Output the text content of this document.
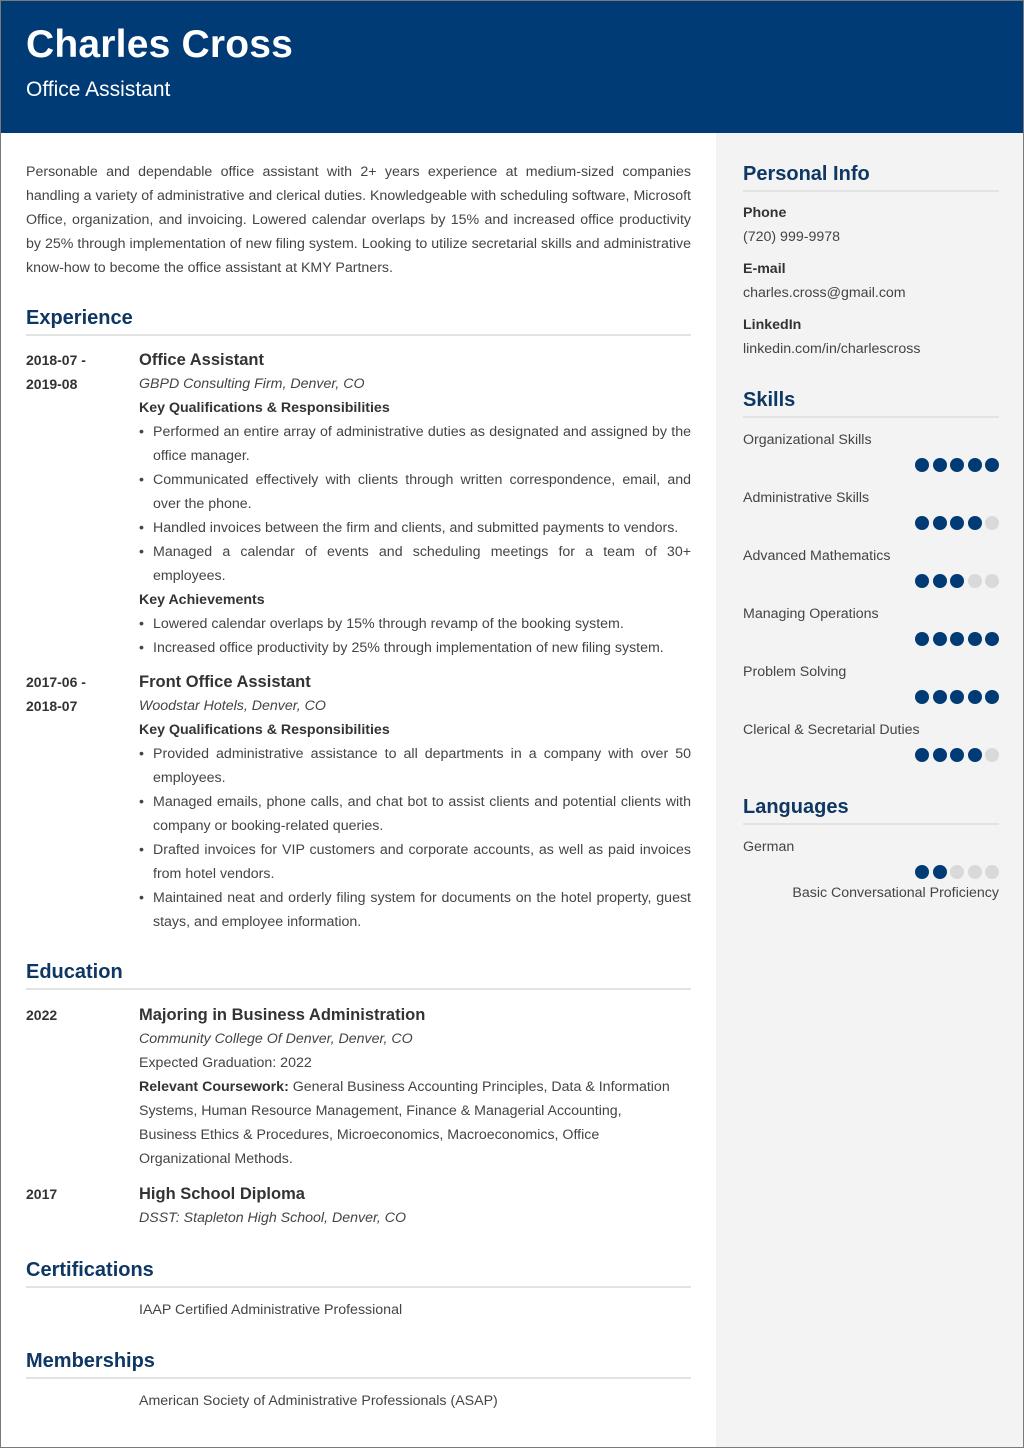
Charles Cross
Office Assistant

Personable and dependable office assistant with 2+ years experience at medium-sized companies handling a variety of administrative and clerical duties. Knowledgeable with scheduling software, Microsoft Office, organization, and invoicing. Lowered calendar overlaps by 15% and increased office productivity by 25% through implementation of new filing system. Looking to utilize secretarial skills and administrative know-how to become the office assistant at KMY Partners.

Experience
2018-07 -
2019-08
Office Assistant
GBPD Consulting Firm, Denver, CO
Key Qualifications & Responsibilities
• Performed an entire array of administrative duties as designated and assigned by the office manager.
• Communicated effectively with clients through written correspondence, email, and over the phone.
• Handled invoices between the firm and clients, and submitted payments to vendors.
• Managed a calendar of events and scheduling meetings for a team of 30+ employees.
Key Achievements
• Lowered calendar overlaps by 15% through revamp of the booking system.
• Increased office productivity by 25% through implementation of new filing system.
2017-06 -
2018-07
Front Office Assistant
Woodstar Hotels, Denver, CO
Key Qualifications & Responsibilities
• Provided administrative assistance to all departments in a company with over 50 employees.
• Managed emails, phone calls, and chat bot to assist clients and potential clients with company or booking-related queries.
• Drafted invoices for VIP customers and corporate accounts, as well as paid invoices from hotel vendors.
• Maintained neat and orderly filing system for documents on the hotel property, guest stays, and employee information.
Education
2022	Majoring in Business Administration
Community College Of Denver, Denver, CO
Expected Graduation: 2022
Relevant Coursework: General Business Accounting Principles, Data & Information Systems, Human Resource Management, Finance & Managerial Accounting, Business Ethics & Procedures, Microeconomics, Macroeconomics, Office Organizational Methods.
2017	High School Diploma
DSST: Stapleton High School, Denver, CO
Certifications
IAAP Certified Administrative Professional
Memberships
American Society of Administrative Professionals (ASAP)
Personal Info
Phone
(720) 999-9978
E-mail
charles.cross@gmail.com
LinkedIn
linkedin.com/in/charlescross
Skills
Organizational Skills
Administrative Skills
Advanced Mathematics
Managing Operations
Problem Solving
Clerical & Secretarial Duties
Languages
German
Basic Conversational Proficiency
